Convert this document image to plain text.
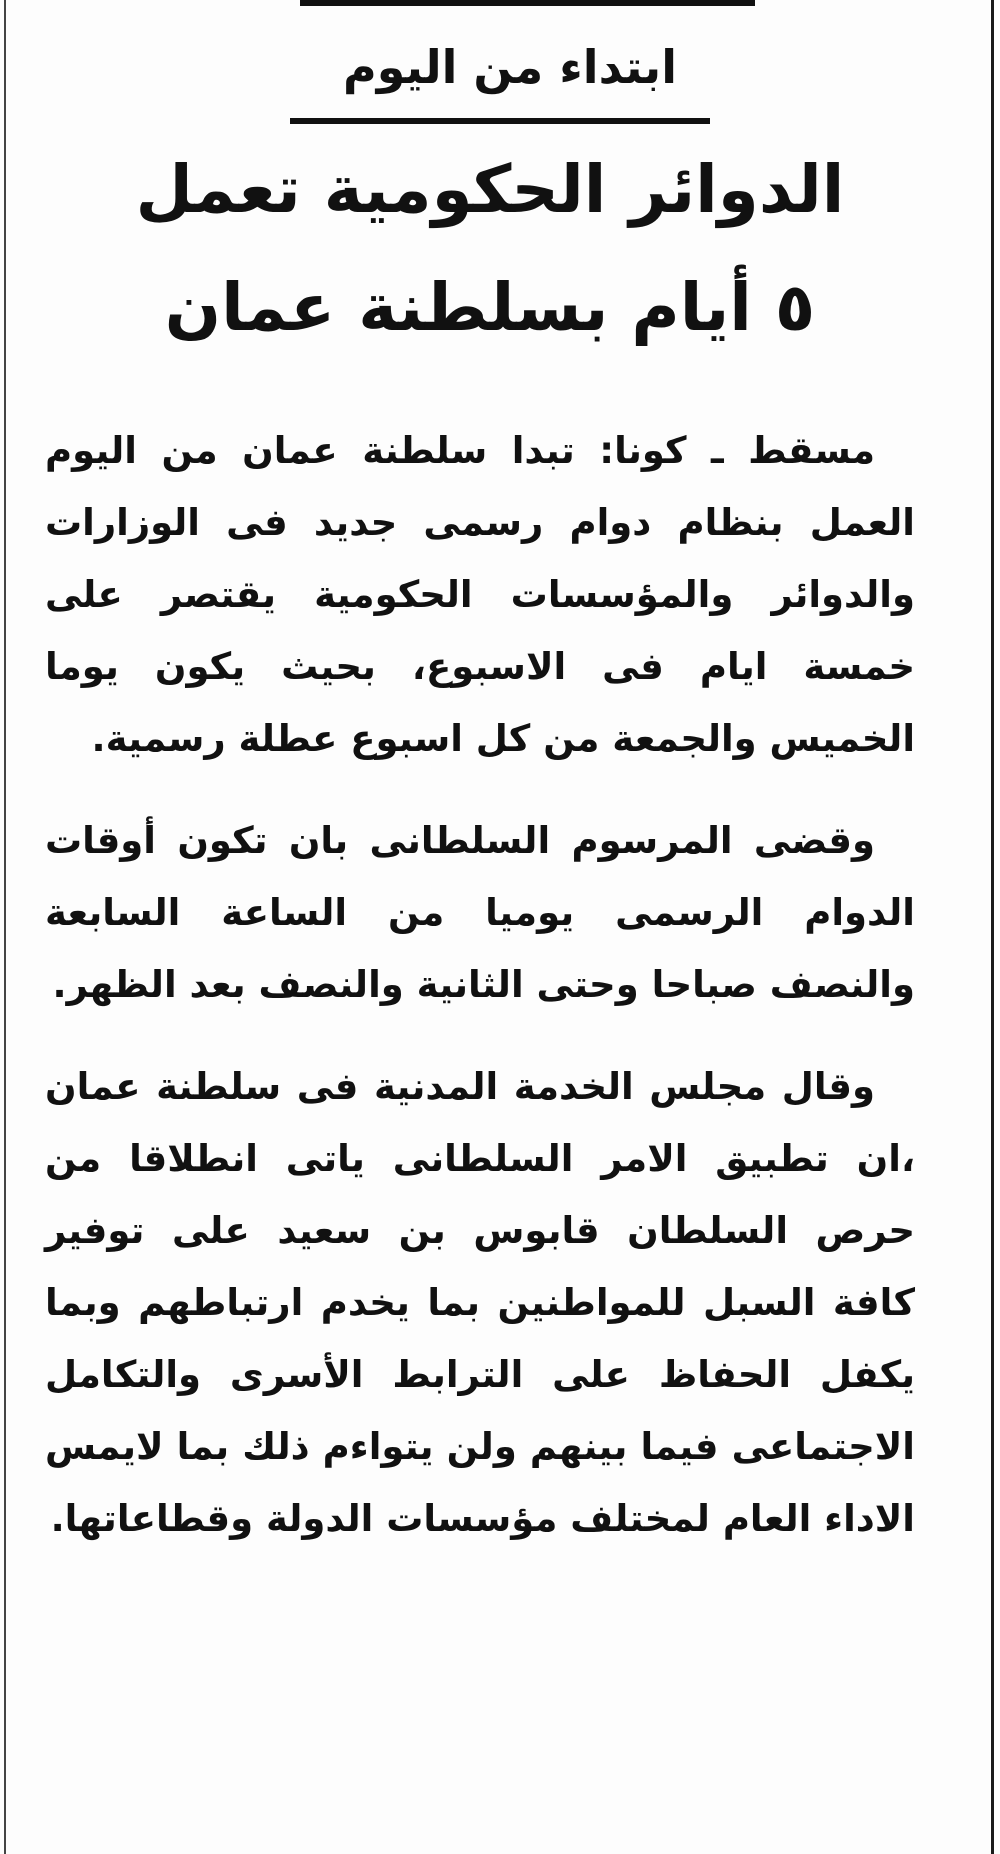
ابتداء من اليوم
الدوائر الحكومية تعمل
٥ أيام بسلطنة عمان

مسقط ـ كونا: تبدا سلطنة عمان من اليوم العمل بنظام دوام رسمى جديد فى الوزارات والدوائر والمؤسسات الحكومية يقتصر على خمسة ايام فى الاسبوع، بحيث يكون يوما الخميس والجمعة من كل اسبوع عطلة رسمية.

وقضى المرسوم السلطانى بان تكون أوقات الدوام الرسمى يوميا من الساعة السابعة والنصف صباحا وحتى الثانية والنصف بعد الظهر.

وقال مجلس الخدمة المدنية فى سلطنة عمان ،ان تطبيق الامر السلطانى ياتى انطلاقا من حرص السلطان قابوس بن سعيد على توفير كافة السبل للمواطنين بما يخدم ارتباطهم وبما يكفل الحفاظ على الترابط الأسرى والتكامل الاجتماعى فيما بينهم ولن يتواءم ذلك بما لايمس الاداء العام لمختلف مؤسسات الدولة وقطاعاتها.
